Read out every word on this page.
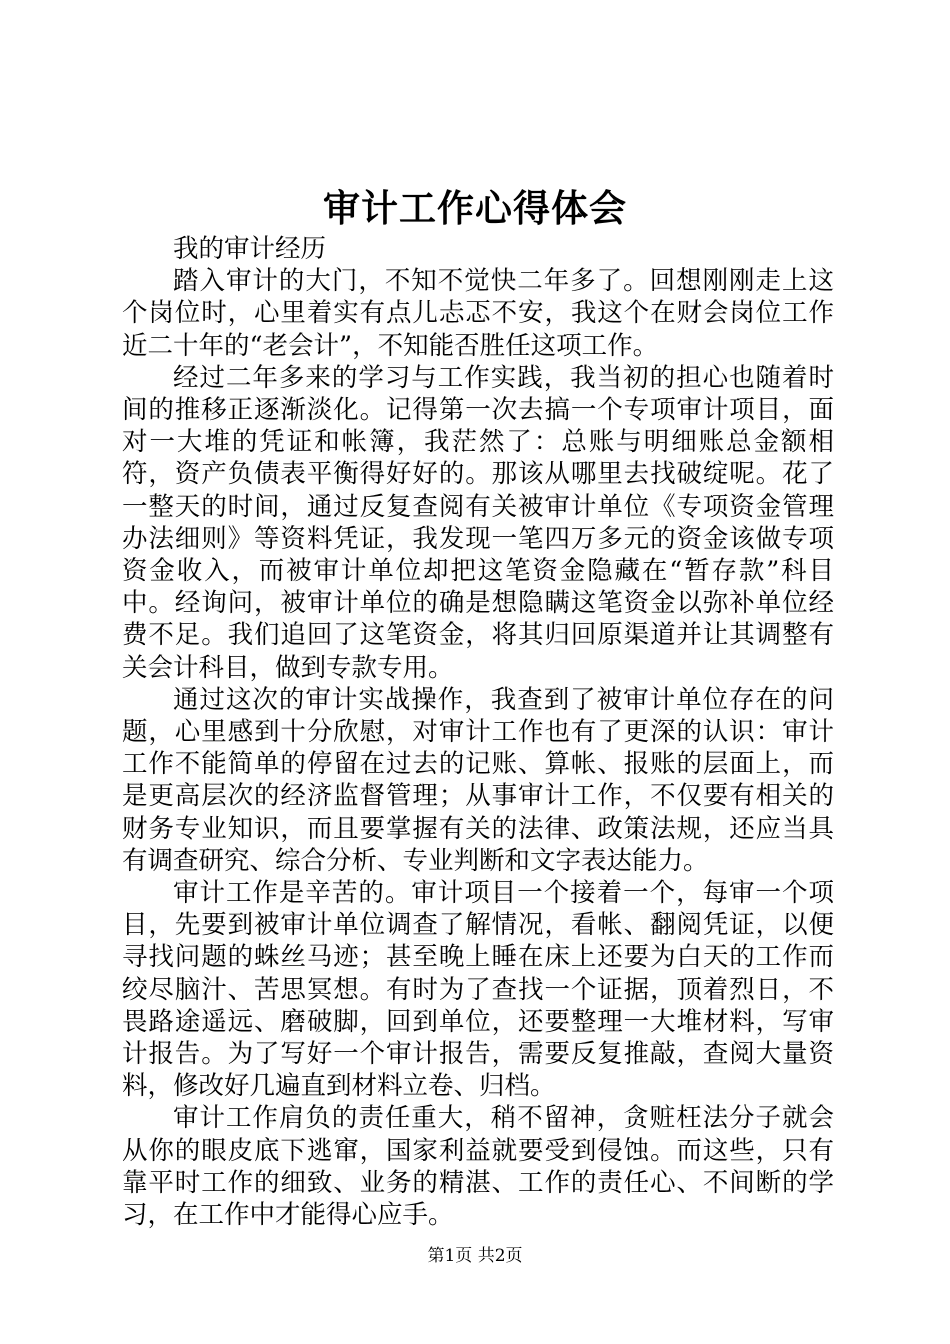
审计工作心得体会

我的审计经历

踏入审计的大门，不知不觉快二年多了。回想刚刚走上这个岗位时，心里着实有点儿忐忑不安，我这个在财会岗位工作近二十年的“老会计”，不知能否胜任这项工作。

经过二年多来的学习与工作实践，我当初的担心也随着时间的推移正逐渐淡化。记得第一次去搞一个专项审计项目，面对一大堆的凭证和帐簿，我茫然了：总账与明细账总金额相符，资产负债表平衡得好好的。那该从哪里去找破绽呢。花了一整天的时间，通过反复查阅有关被审计单位《专项资金管理办法细则》等资料凭证，我发现一笔四万多元的资金该做专项资金收入，而被审计单位却把这笔资金隐藏在“暂存款”科目中。经询问，被审计单位的确是想隐瞒这笔资金以弥补单位经费不足。我们追回了这笔资金，将其归回原渠道并让其调整有关会计科目，做到专款专用。

通过这次的审计实战操作，我查到了被审计单位存在的问题，心里感到十分欣慰，对审计工作也有了更深的认识：审计工作不能简单的停留在过去的记账、算帐、报账的层面上，而是更高层次的经济监督管理；从事审计工作，不仅要有相关的财务专业知识，而且要掌握有关的法律、政策法规，还应当具有调查研究、综合分析、专业判断和文字表达能力。

审计工作是辛苦的。审计项目一个接着一个，每审一个项目，先要到被审计单位调查了解情况，看帐、翻阅凭证，以便寻找问题的蛛丝马迹；甚至晚上睡在床上还要为白天的工作而绞尽脑汁、苦思冥想。有时为了查找一个证据，顶着烈日，不畏路途遥远、磨破脚，回到单位，还要整理一大堆材料，写审计报告。为了写好一个审计报告，需要反复推敲，查阅大量资料，修改好几遍直到材料立卷、归档。

审计工作肩负的责任重大，稍不留神，贪赃枉法分子就会从你的眼皮底下逃窜，国家利益就要受到侵蚀。而这些，只有靠平时工作的细致、业务的精湛、工作的责任心、不间断的学习，在工作中才能得心应手。

第1页 共2页
